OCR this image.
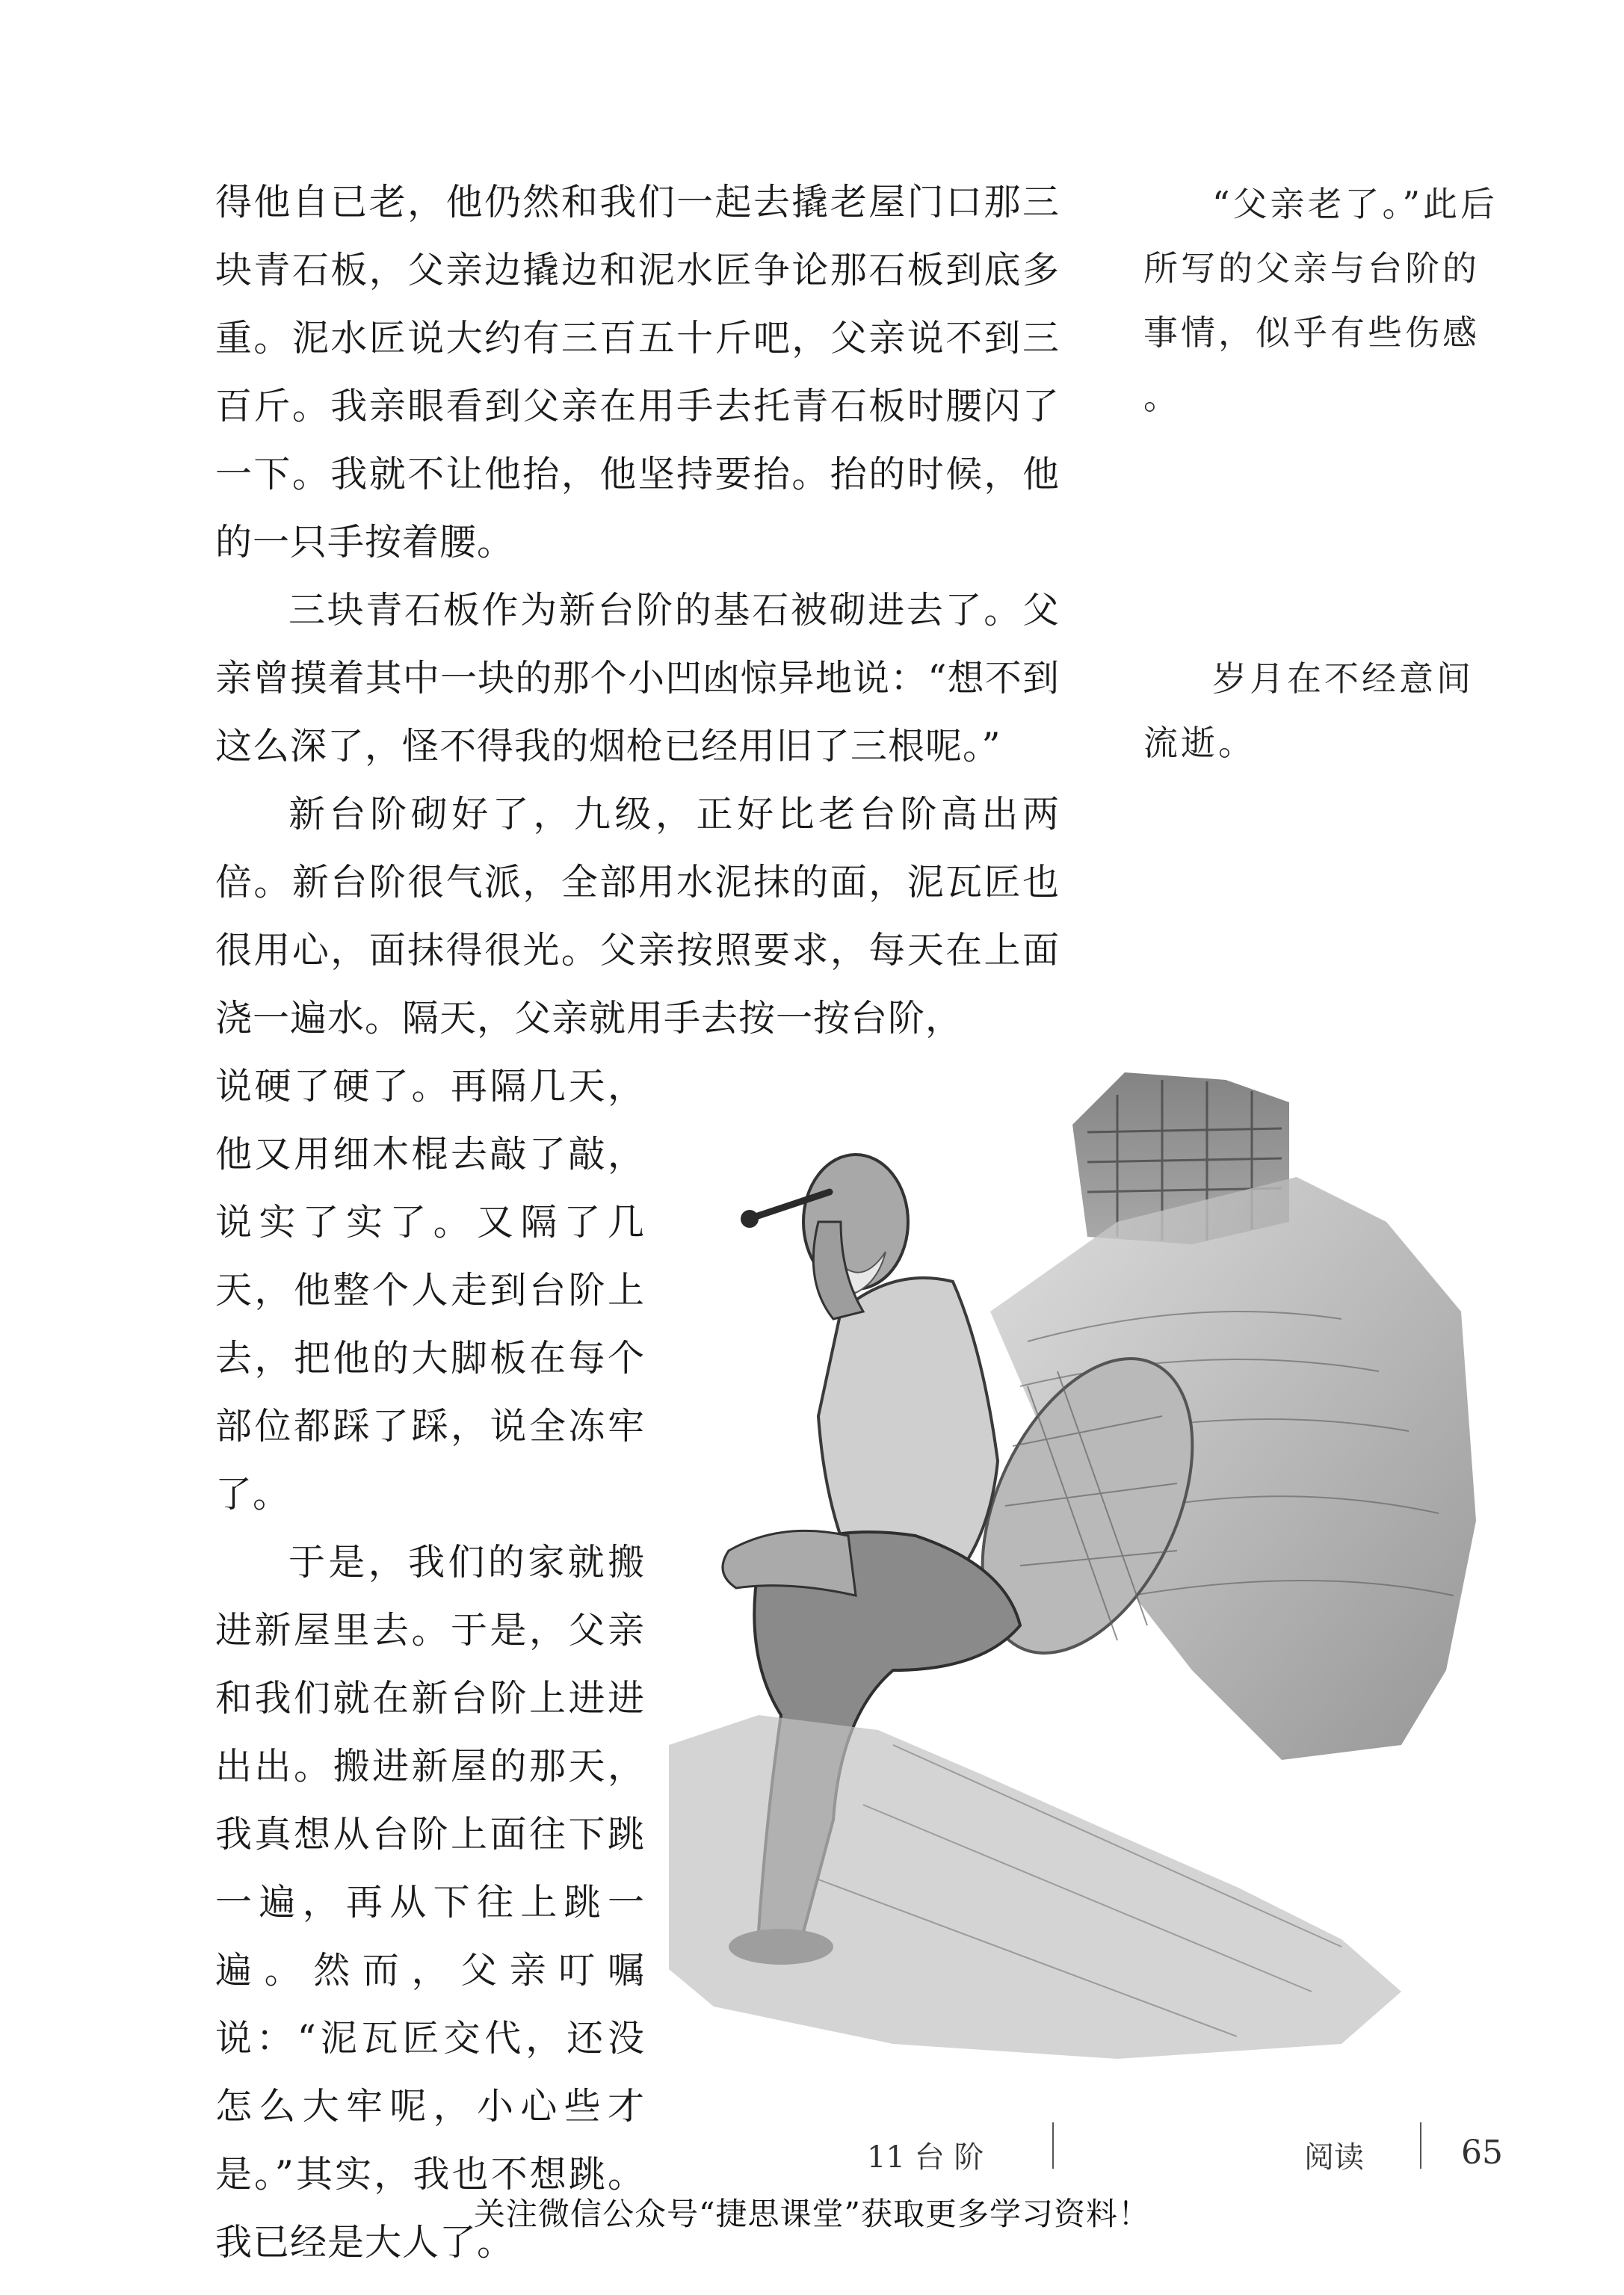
得他自已老，他仍然和我们一起去撬老屋门口那三块青石板，父亲边撬边和泥水匠争论那石板到底多重。泥水匠说大约有三百五十斤吧，父亲说不到三百斤。我亲眼看到父亲在用手去托青石板时腰闪了一下。我就不让他抬，他坚持要抬。抬的时候，他的一只手按着腰。

三块青石板作为新台阶的基石被砌进去了。父亲曾摸着其中一块的那个小凹凼惊异地说：“想不到这么深了，怪不得我的烟枪已经用旧了三根呢。”

新台阶砌好了，九级，正好比老台阶高出两倍。新台阶很气派，全部用水泥抹的面，泥瓦匠也很用心，面抹得很光。父亲按照要求，每天在上面浇一遍水。隔天，父亲就用手去按一按台阶，

说硬了硬了。再隔几天，他又用细木棍去敲了敲，说实了实了。又隔了几天，他整个人走到台阶上去，把他的大脚板在每个部位都踩了踩，说全冻牢了。

于是，我们的家就搬进新屋里去。于是，父亲和我们就在新台阶上进进出出。搬进新屋的那天，我真想从台阶上面往下跳一遍，再从下往上跳一遍。然而，父亲叮嘱说：“泥瓦匠交代，还没怎么大牢呢，小心些才是。”其实，我也不想跳。我已经是大人了。

“父亲老了。”此后所写的父亲与台阶的事情，似乎有些伤感 。

岁月在不经意间流逝。

11 台 阶	阅读	65
关注微信公众号“捷思课堂”获取更多学习资料！
